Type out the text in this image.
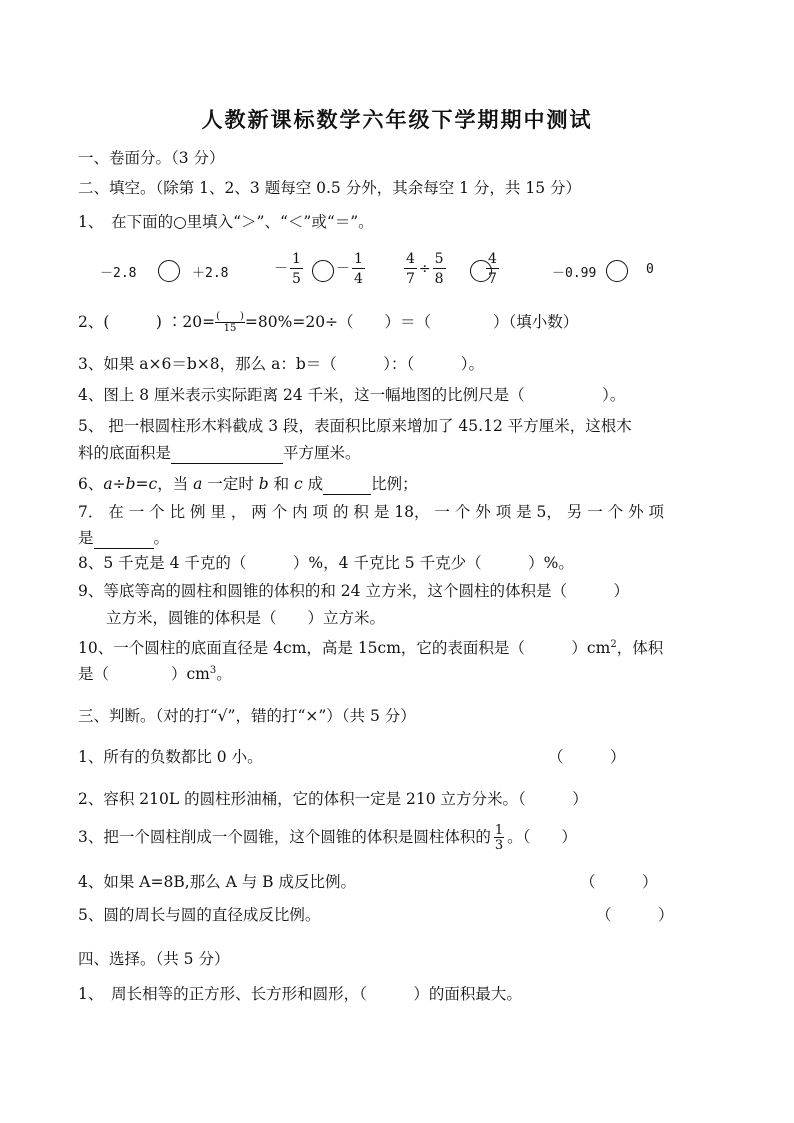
人教新课标数学六年级下学期期中测试
一、卷面分。（3 分）
二、填空。（除第 1、2、3 题每空 0.5 分外，其余每空 1 分，共 15 分）
1、　在下面的○里填入“＞”、“＜”或“＝”。
－2.8	＋2.8	－ $\frac{1}{5} - \frac{1}{4}$	$\frac{4}{7} \div \frac{5}{8}$	$\frac{4}{7}$	－0.99	0
2、(　　　) ∶20= $\frac{( )}{15} =80\%=20\div$（　　）＝（　　　　）（填小数）
3、如果 a×6＝b×8，那么 a：b＝（　　　）：（　　　）。
4、图上 8 厘米表示实际距离 24 千米，这一幅地图的比例尺是（　　　　　）。
5、 把一根圆柱形木料截成 3 段，表面积比原来增加了 45.12 平方厘米，这根木
料的底面积是	平方厘米。
6、a÷b=c，当 a 一定时 b 和 c 成	比例；
7． 在 一 个 比 例 里 ， 两 个 内 项 的 积 是 18， 一 个 外 项 是 5， 另 一 个 外 项
是	。
8、5 千克是 4 千克的（　　　）%，4 千克比 5 千克少（　　　）%。
9、等底等高的圆柱和圆锥的体积的和 24 立方米，这个圆柱的体积是（　　　）
立方米，圆锥的体积是（　　）立方米。
10、一个圆柱的底面直径是 4cm，高是 15cm，它的表面积是（　　　）$cm^2$，体积
是（　　　　）$cm^3$。
三、判断。（对的打“√”，错的打“×”）（共 5 分）
1、所有的负数都比 0 小。	（　　　）
2、容积 210L 的圆柱形油桶，它的体积一定是 210 立方分米。（　　　）
3、把一个圆柱削成一个圆锥，这个圆锥的体积是圆柱体积的 $\frac{1}{3}$ 。（　　）
4、如果 A=8B,那么 A 与 B 成反比例。	（　　　）
5、圆的周长与圆的直径成反比例。	（　　　）
四、选择。（共 5 分）
1、　周长相等的正方形、长方形和圆形，（　　　）的面积最大。
